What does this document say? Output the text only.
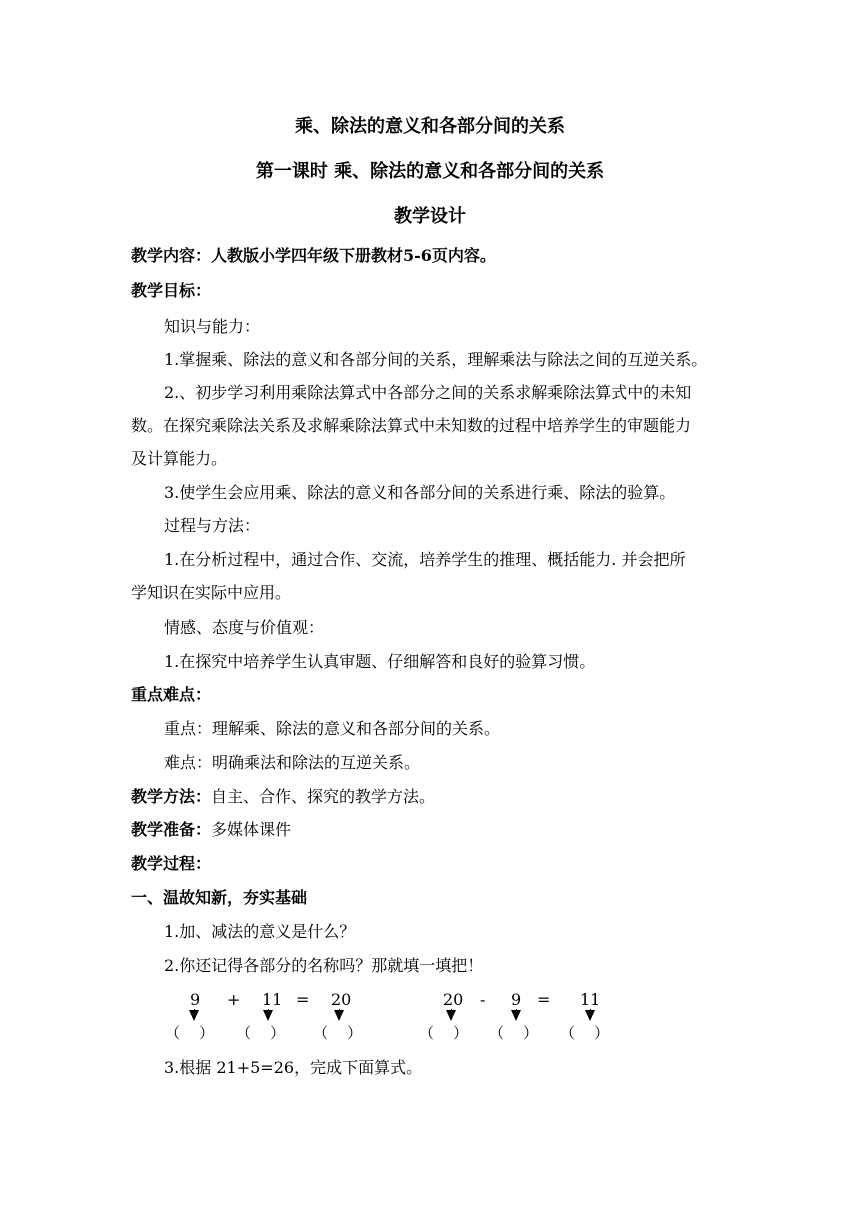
乘、除法的意义和各部分间的关系
第一课时 乘、除法的意义和各部分间的关系
教学设计
教学内容：人教版小学四年级下册教材5-6页内容。
教学目标：
知识与能力：
1.掌握乘、除法的意义和各部分间的关系，理解乘法与除法之间的互逆关系。
2.、初步学习利用乘除法算式中各部分之间的关系求解乘除法算式中的未知
数。在探究乘除法关系及求解乘除法算式中未知数的过程中培养学生的审题能力
及计算能力。
3.使学生会应用乘、除法的意义和各部分间的关系进行乘、除法的验算。
过程与方法：
1.在分析过程中，通过合作、交流，培养学生的推理、概括能力. 并会把所
学知识在实际中应用。
情感、态度与价值观：
1.在探究中培养学生认真审题、仔细解答和良好的验算习惯。
重点难点：
重点：理解乘、除法的意义和各部分间的关系。
难点：明确乘法和除法的互逆关系。
教学方法：自主、合作、探究的教学方法。
教学准备：多媒体课件
教学过程：
一、温故知新，夯实基础
1.加、减法的意义是什么？
2.你还记得各部分的名称吗？那就填一填把！
9 + 11 = 20
（    ） （    ） （    ）
20 - 9 = 11
（    ） （    ） （    ）
3.根据 21+5=26，完成下面算式。
